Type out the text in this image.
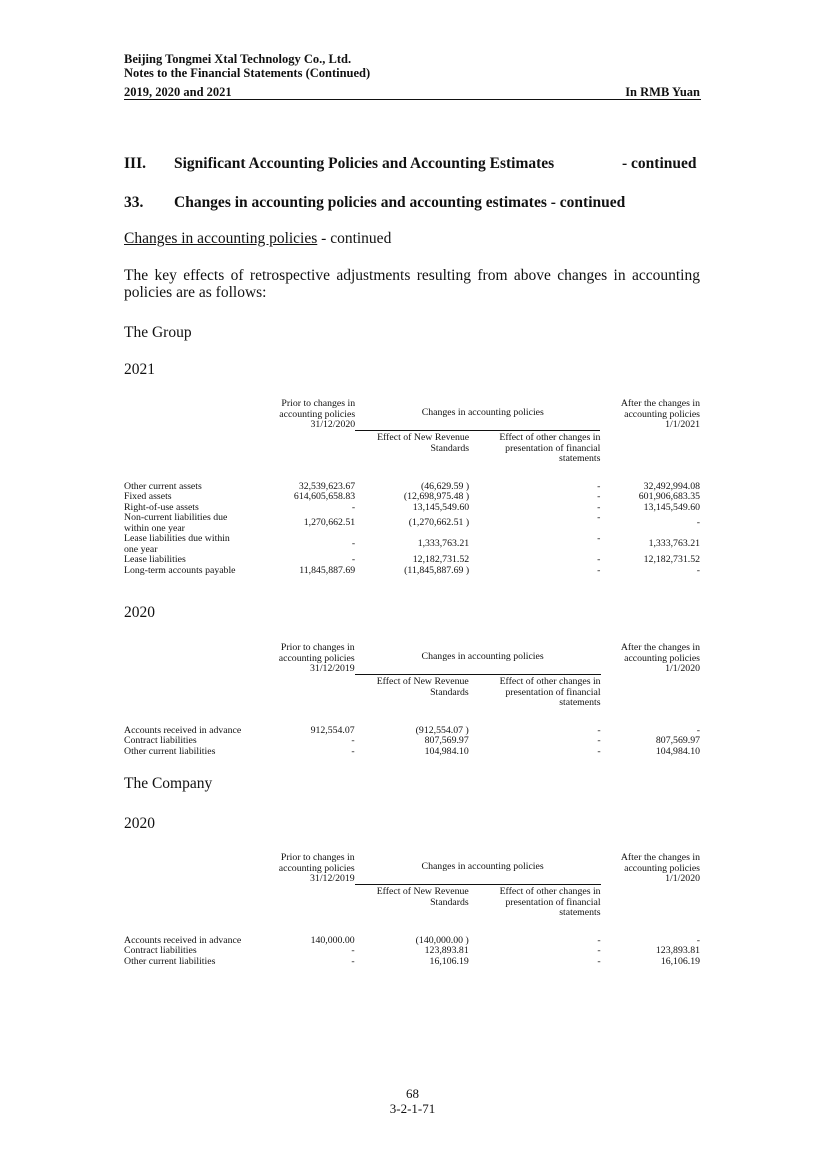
Beijing Tongmei Xtal Technology Co., Ltd.
Notes to the Financial Statements (Continued)
2019, 2020 and 2021	In RMB Yuan
III. Significant Accounting Policies and Accounting Estimates	- continued
33. Changes in accounting policies and accounting estimates - continued
Changes in accounting policies - continued
The key effects of retrospective adjustments resulting from above changes in accounting policies are as follows:
The Group
2021
	Prior to changes in accounting policies
31/12/2020	Changes in accounting policies		After the changes in accounting policies
1/1/2021
		Effect of New Revenue Standards	Effect of other changes in presentation of financial statements	

Other current assets	32,539,623.67	(46,629.59 )	-	32,492,994.08
Fixed assets	614,605,658.83	(12,698,975.48 )	-	601,906,683.35
Right-of-use assets	-	13,145,549.60	-	13,145,549.60
Non-current liabilities due within one year	1,270,662.51	(1,270,662.51 )	-	-
Lease liabilities due within one year	-	1,333,763.21	-	1,333,763.21
Lease liabilities	-	12,182,731.52	-	12,182,731.52
Long-term accounts payable	11,845,887.69	(11,845,887.69 )	-	-
2020
	Prior to changes in accounting policies
31/12/2019	Changes in accounting policies		After the changes in accounting policies
1/1/2020
		Effect of New Revenue Standards	Effect of other changes in presentation of financial statements	

Accounts received in advance	912,554.07	(912,554.07 )	-	-
Contract liabilities	-	807,569.97	-	807,569.97
Other current liabilities	-	104,984.10	-	104,984.10
The Company
2020
	Prior to changes in accounting policies
31/12/2019	Changes in accounting policies		After the changes in accounting policies
1/1/2020
		Effect of New Revenue Standards	Effect of other changes in presentation of financial statements	

Accounts received in advance	140,000.00	(140,000.00 )	-	-
Contract liabilities	-	123,893.81	-	123,893.81
Other current liabilities	-	16,106.19	-	16,106.19
68
3-2-1-71
